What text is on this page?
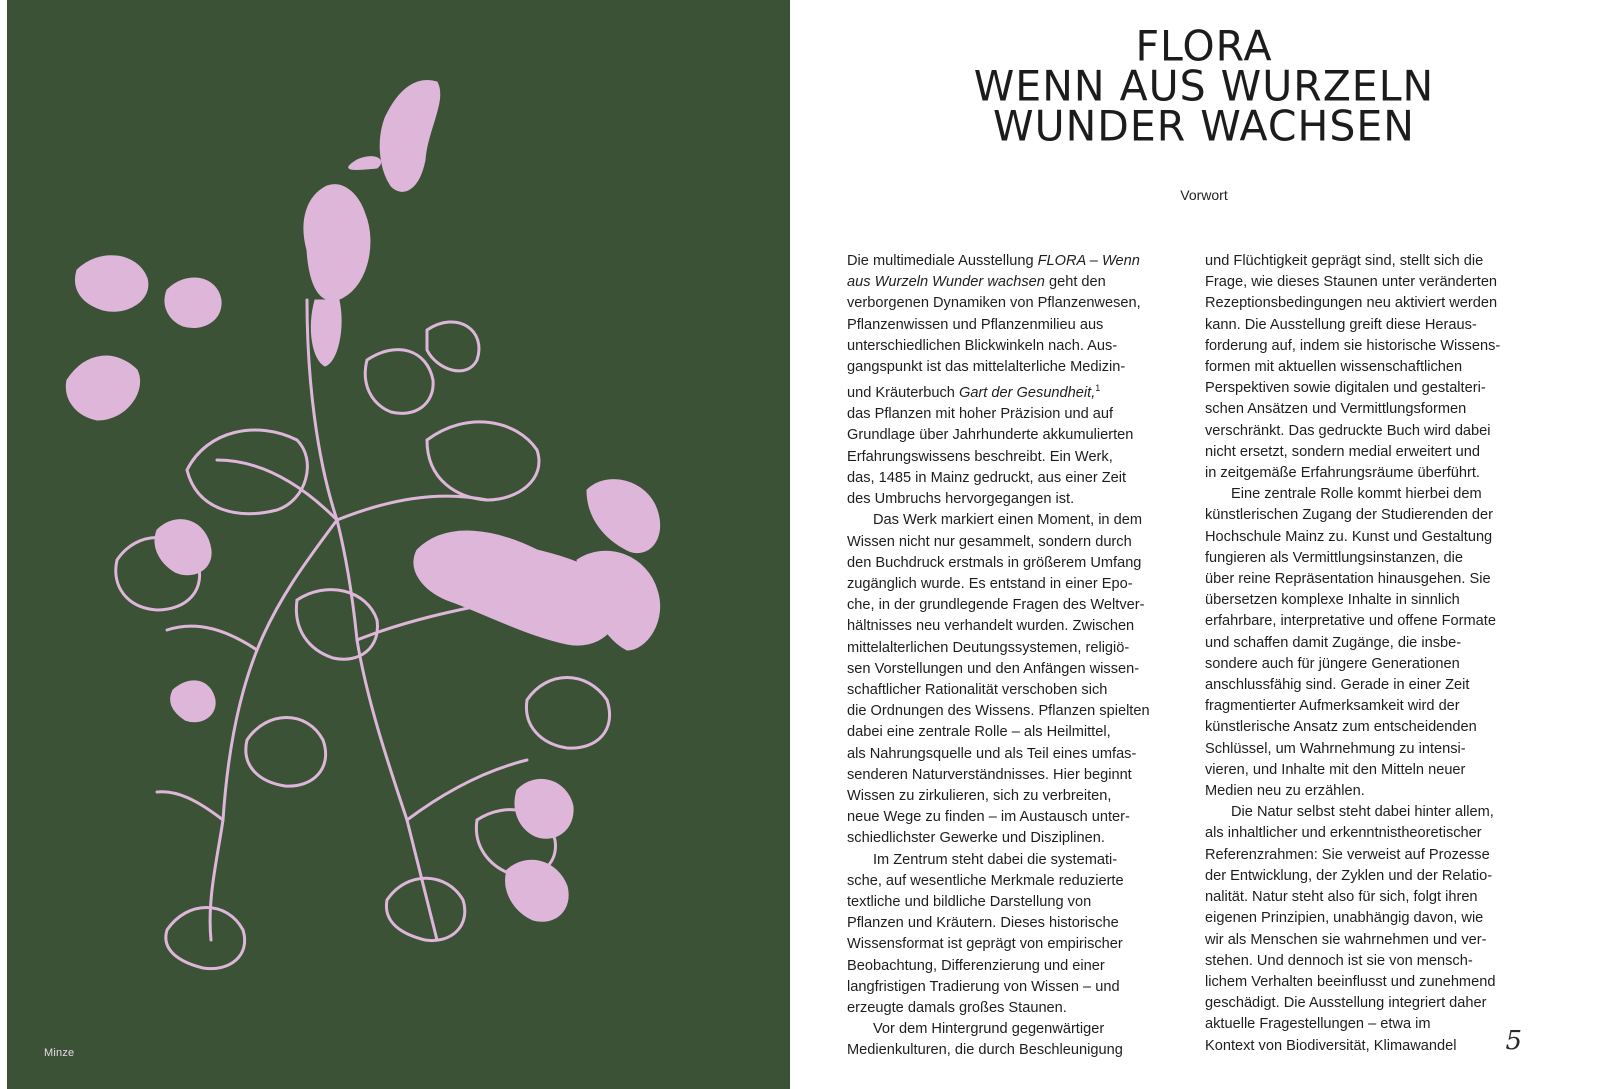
Minze
FLORA
WENN AUS WURZELN
WUNDER WACHSEN
Vorwort
Die multimediale Ausstellung FLORA – Wenn
aus Wurzeln Wunder wachsen geht den
verborgenen Dynamiken von Pflanzenwesen,
Pflanzenwissen und Pflanzenmilieu aus
unterschiedlichen Blickwinkeln nach. Aus-
gangspunkt ist das mittelalterliche Medizin-
und Kräuterbuch Gart der Gesundheit,$^1$
das Pflanzen mit hoher Präzision und auf
Grundlage über Jahrhunderte akkumulierten
Erfahrungswissens beschreibt. Ein Werk,
das, 1485 in Mainz gedruckt, aus einer Zeit
des Umbruchs hervorgegangen ist.
Das Werk markiert einen Moment, in dem
Wissen nicht nur gesammelt, sondern durch
den Buchdruck erstmals in größerem Umfang
zugänglich wurde. Es entstand in einer Epo-
che, in der grundlegende Fragen des Weltver-
hältnisses neu verhandelt wurden. Zwischen
mittelalterlichen Deutungssystemen, religiö-
sen Vorstellungen und den Anfängen wissen-
schaftlicher Rationalität verschoben sich
die Ordnungen des Wissens. Pflanzen spielten
dabei eine zentrale Rolle – als Heilmittel,
als Nahrungsquelle und als Teil eines umfas-
senderen Naturverständnisses. Hier beginnt
Wissen zu zirkulieren, sich zu verbreiten,
neue Wege zu finden – im Austausch unter-
schiedlichster Gewerke und Disziplinen.
Im Zentrum steht dabei die systemati-
sche, auf wesentliche Merkmale reduzierte
textliche und bildliche Darstellung von
Pflanzen und Kräutern. Dieses historische
Wissensformat ist geprägt von empirischer
Beobachtung, Differenzierung und einer
langfristigen Tradierung von Wissen – und
erzeugte damals großes Staunen.
Vor dem Hintergrund gegenwärtiger
Medienkulturen, die durch Beschleunigung
und Flüchtigkeit geprägt sind, stellt sich die
Frage, wie dieses Staunen unter veränderten
Rezeptionsbedingungen neu aktiviert werden
kann. Die Ausstellung greift diese Heraus-
forderung auf, indem sie historische Wissens-
formen mit aktuellen wissenschaftlichen
Perspektiven sowie digitalen und gestalteri-
schen Ansätzen und Vermittlungsformen
verschränkt. Das gedruckte Buch wird dabei
nicht ersetzt, sondern medial erweitert und
in zeitgemäße Erfahrungsräume überführt.
Eine zentrale Rolle kommt hierbei dem
künstlerischen Zugang der Studierenden der
Hochschule Mainz zu. Kunst und Gestaltung
fungieren als Vermittlungsinstanzen, die
über reine Repräsentation hinausgehen. Sie
übersetzen komplexe Inhalte in sinnlich
erfahrbare, interpretative und offene Formate
und schaffen damit Zugänge, die insbe-
sondere auch für jüngere Generationen
anschlussfähig sind. Gerade in einer Zeit
fragmentierter Aufmerksamkeit wird der
künstlerische Ansatz zum entscheidenden
Schlüssel, um Wahrnehmung zu intensi-
vieren, und Inhalte mit den Mitteln neuer
Medien neu zu erzählen.
Die Natur selbst steht dabei hinter allem,
als inhaltlicher und erkenntnistheoretischer
Referenzrahmen: Sie verweist auf Prozesse
der Entwicklung, der Zyklen und der Relatio-
nalität. Natur steht also für sich, folgt ihren
eigenen Prinzipien, unabhängig davon, wie
wir als Menschen sie wahrnehmen und ver-
stehen. Und dennoch ist sie von mensch-
lichem Verhalten beeinflusst und zunehmend
geschädigt. Die Ausstellung integriert daher
aktuelle Fragestellungen – etwa im
Kontext von Biodiversität, Klimawandel	5
